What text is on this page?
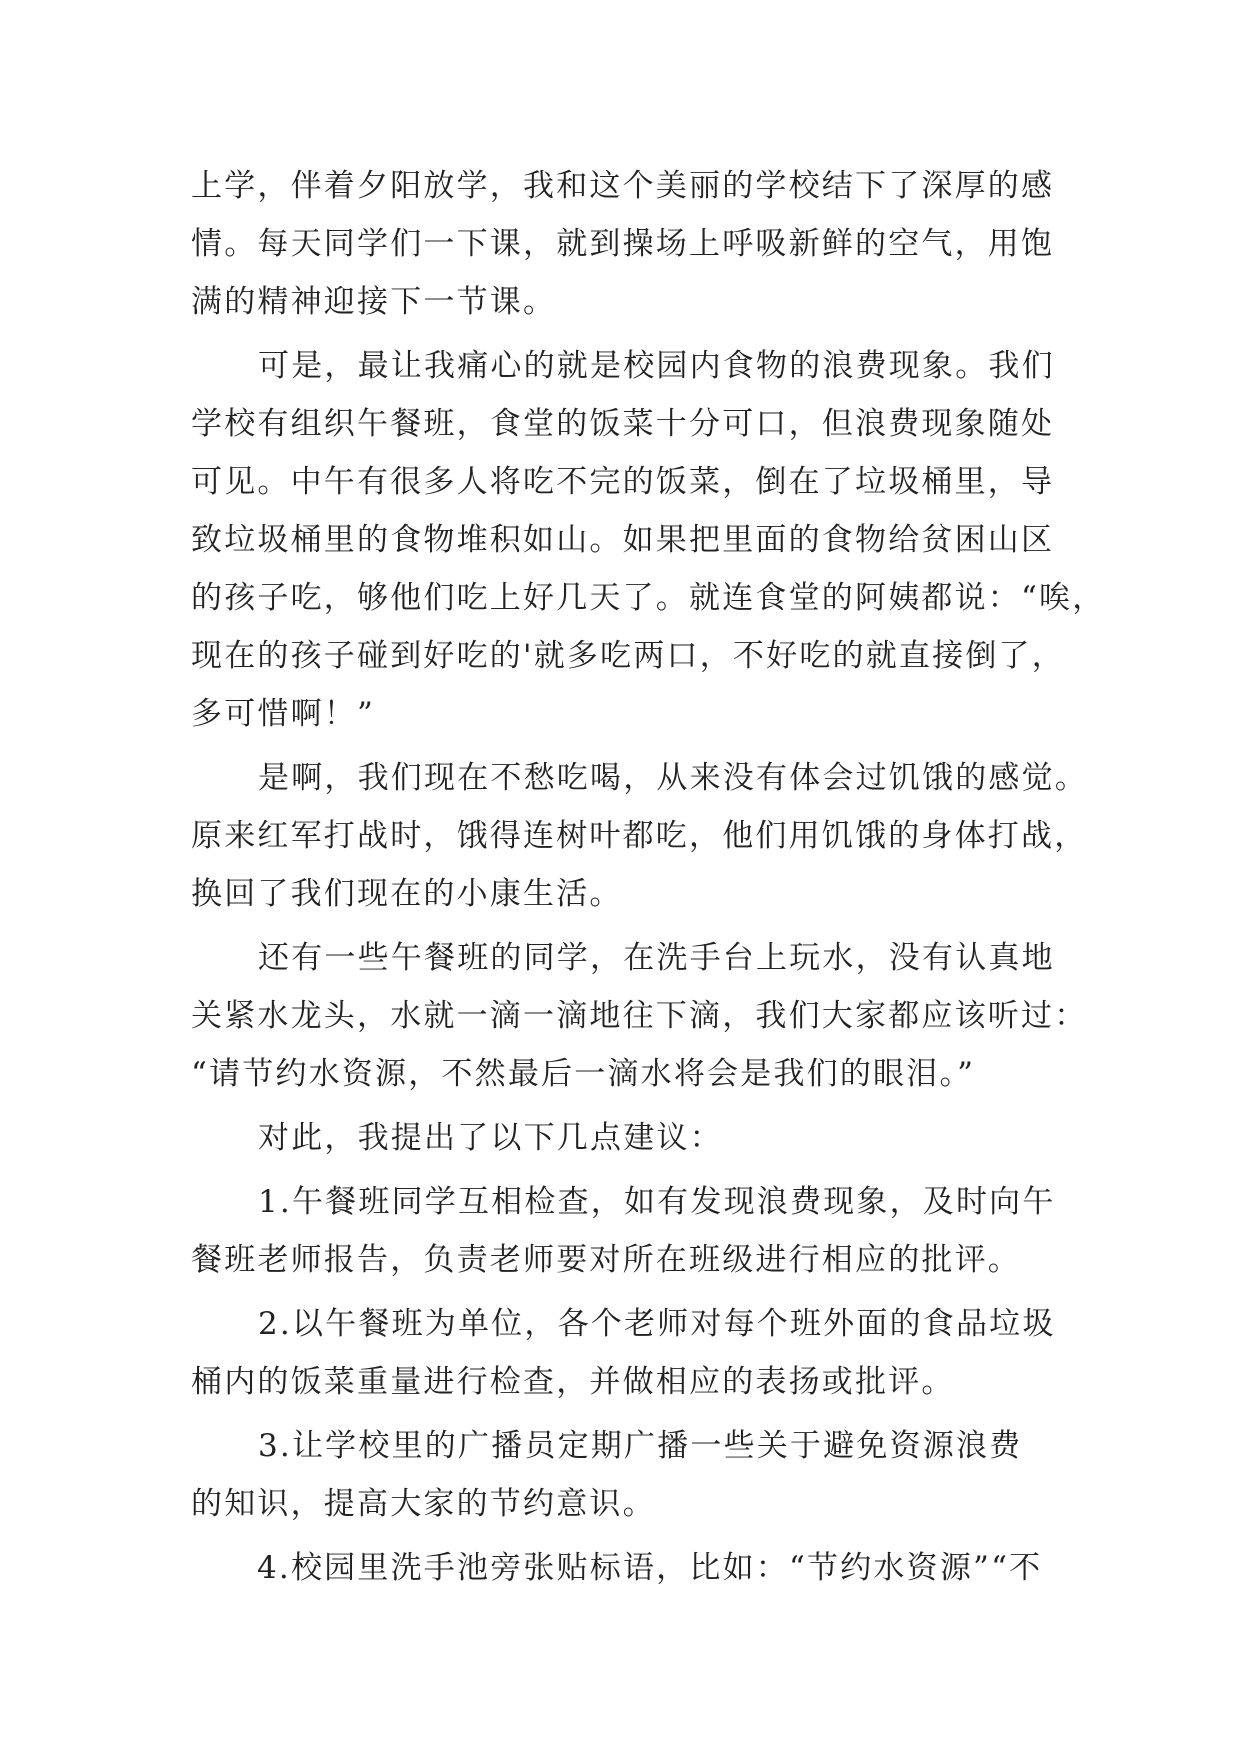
上学，伴着夕阳放学，我和这个美丽的学校结下了深厚的感
情。每天同学们一下课，就到操场上呼吸新鲜的空气，用饱
满的精神迎接下一节课。
可是，最让我痛心的就是校园内食物的浪费现象。我们
学校有组织午餐班，食堂的饭菜十分可口，但浪费现象随处
可见。中午有很多人将吃不完的饭菜，倒在了垃圾桶里，导
致垃圾桶里的食物堆积如山。如果把里面的食物给贫困山区
的孩子吃，够他们吃上好几天了。就连食堂的阿姨都说：“唉，
现在的孩子碰到好吃的'就多吃两口，不好吃的就直接倒了，
多可惜啊！”
是啊，我们现在不愁吃喝，从来没有体会过饥饿的感觉。
原来红军打战时，饿得连树叶都吃，他们用饥饿的身体打战，
换回了我们现在的小康生活。
还有一些午餐班的同学，在洗手台上玩水，没有认真地
关紧水龙头，水就一滴一滴地往下滴，我们大家都应该听过：
“请节约水资源，不然最后一滴水将会是我们的眼泪。”
对此，我提出了以下几点建议：
1.午餐班同学互相检查，如有发现浪费现象，及时向午
餐班老师报告，负责老师要对所在班级进行相应的批评。
2.以午餐班为单位，各个老师对每个班外面的食品垃圾
桶内的饭菜重量进行检查，并做相应的表扬或批评。
3.让学校里的广播员定期广播一些关于避免资源浪费
的知识，提高大家的节约意识。
4.校园里洗手池旁张贴标语，比如：“节约水资源”“不
